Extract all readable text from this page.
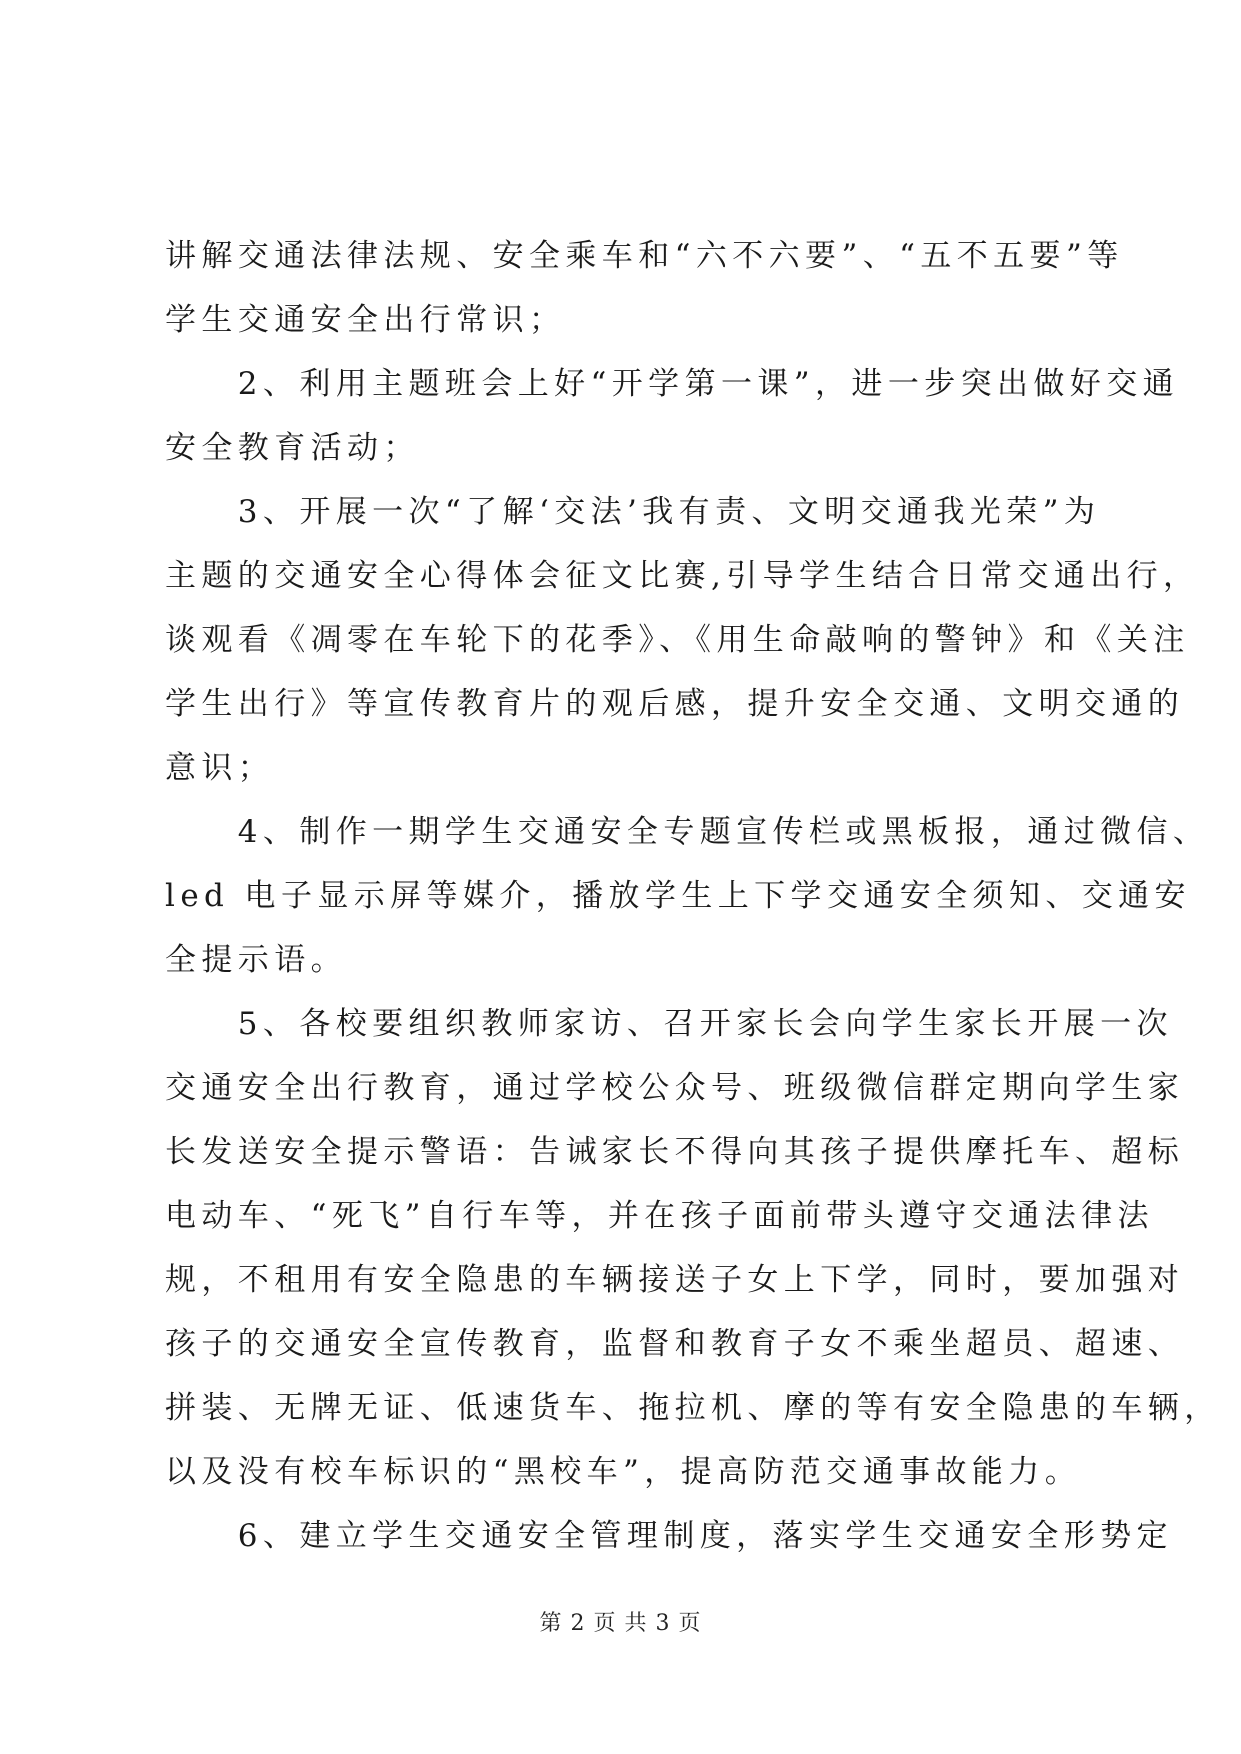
讲解交通法律法规、安全乘车和“六不六要”、“五不五要”等
学生交通安全出行常识；
　　2、利用主题班会上好“开学第一课”，进一步突出做好交通
安全教育活动；
　　3、开展一次“了解‘交法’我有责、文明交通我光荣”为
主题的交通安全心得体会征文比赛,引导学生结合日常交通出行，
谈观看《凋零在车轮下的花季》、《用生命敲响的警钟》和《关注
学生出行》等宣传教育片的观后感，提升安全交通、文明交通的
意识；
　　4、制作一期学生交通安全专题宣传栏或黑板报，通过微信、
led 电子显示屏等媒介，播放学生上下学交通安全须知、交通安
全提示语。
　　5、各校要组织教师家访、召开家长会向学生家长开展一次
交通安全出行教育，通过学校公众号、班级微信群定期向学生家
长发送安全提示警语：告诫家长不得向其孩子提供摩托车、超标
电动车、“死飞”自行车等，并在孩子面前带头遵守交通法律法
规，不租用有安全隐患的车辆接送子女上下学，同时，要加强对
孩子的交通安全宣传教育，监督和教育子女不乘坐超员、超速、
拼装、无牌无证、低速货车、拖拉机、摩的等有安全隐患的车辆，
以及没有校车标识的“黑校车”，提高防范交通事故能力。
　　6、建立学生交通安全管理制度，落实学生交通安全形势定
第 2 页 共 3 页
